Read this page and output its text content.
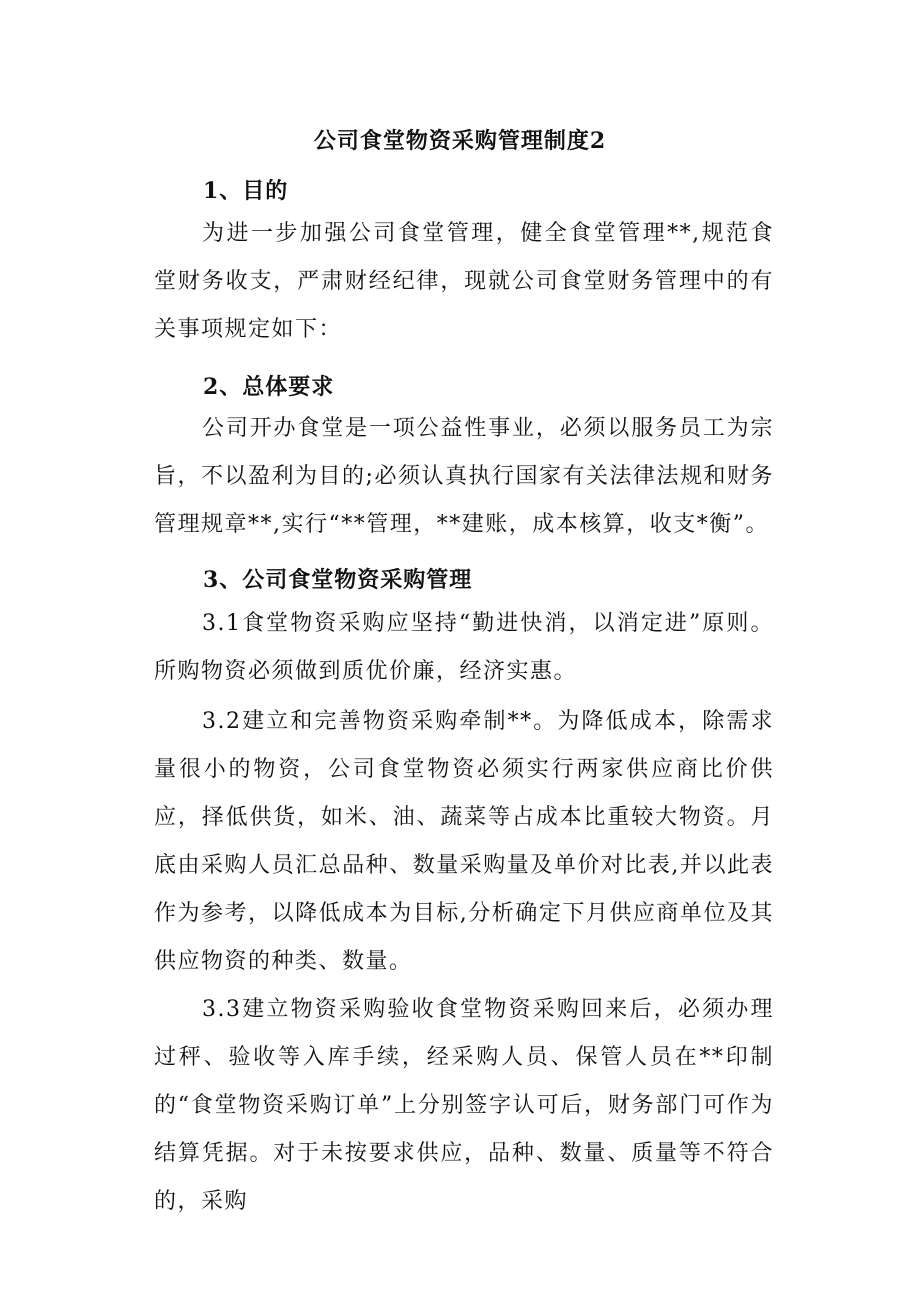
公司食堂物资采购管理制度2
1、目的

为进一步加强公司食堂管理，健全食堂管理**,规范食堂财务收支，严肃财经纪律，现就公司食堂财务管理中的有关事项规定如下：

2、总体要求

公司开办食堂是一项公益性事业，必须以服务员工为宗旨，不以盈利为目的;必须认真执行国家有关法律法规和财务管理规章**,实行“**管理，**建账，成本核算，收支*衡”。

3、公司食堂物资采购管理

3.1食堂物资采购应坚持“勤进快消，以消定进”原则。所购物资必须做到质优价廉，经济实惠。

3.2建立和完善物资采购牵制**。为降低成本，除需求量很小的物资，公司食堂物资必须实行两家供应商比价供应，择低供货，如米、油、蔬菜等占成本比重较大物资。月底由采购人员汇总品种、数量采购量及单价对比表,并以此表作为参考，以降低成本为目标,分析确定下月供应商单位及其供应物资的种类、数量。

3.3建立物资采购验收食堂物资采购回来后，必须办理过秤、验收等入库手续，经采购人员、保管人员在**印制的“食堂物资采购订单”上分别签字认可后，财务部门可作为结算凭据。对于未按要求供应，品种、数量、质量等不符合的，采购
